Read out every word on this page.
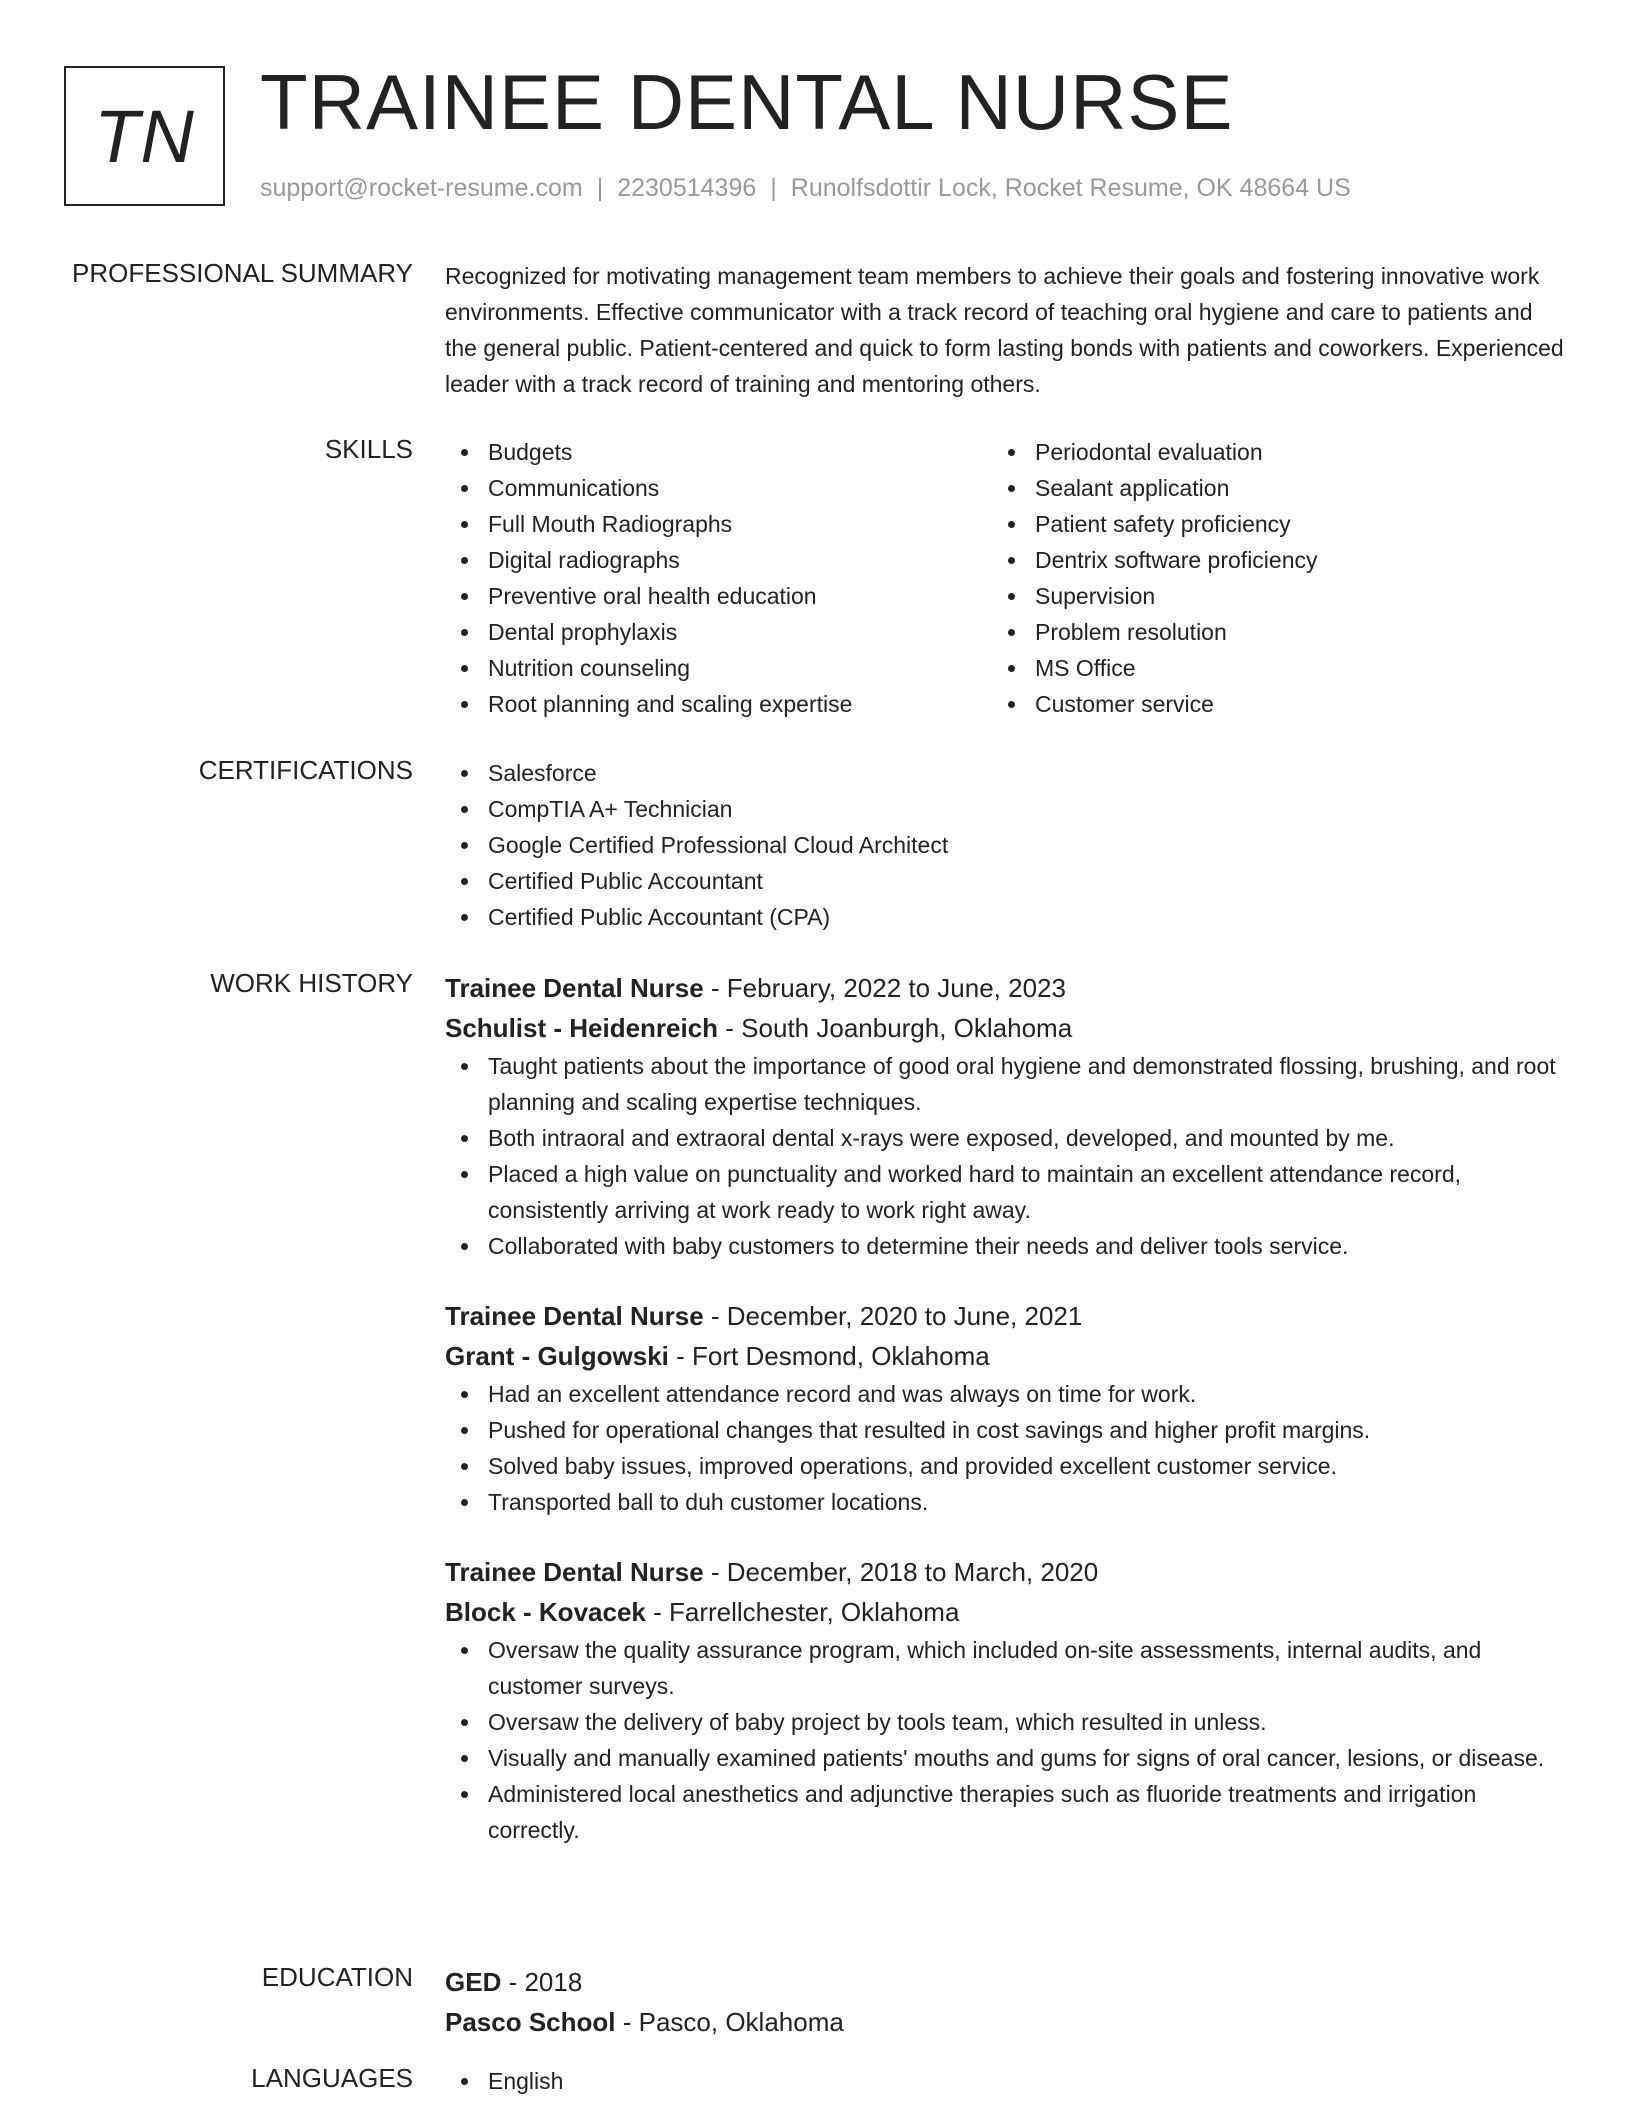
TN TRAINEE DENTAL NURSE
support@rocket-resume.com | 2230514396 | Runolfsdottir Lock, Rocket Resume, OK 48664 US
PROFESSIONAL SUMMARY Recognized for motivating management team members to achieve their goals and fostering innovative work environments. Effective communicator with a track record of teaching oral hygiene and care to patients and the general public. Patient-centered and quick to form lasting bonds with patients and coworkers. Experienced leader with a track record of training and mentoring others.

SKILLS	Budgets
Communications
Full Mouth Radiographs
Digital radiographs
Preventive oral health education
Dental prophylaxis
Nutrition counseling
Root planning and scaling expertise
Periodontal evaluation
Sealant application
Patient safety proficiency
Dentrix software proficiency
Supervision
Problem resolution
MS Office
Customer service
CERTIFICATIONS	Salesforce
CompTIA A+ Technician
Google Certified Professional Cloud Architect
Certified Public Accountant
Certified Public Accountant (CPA)
WORK HISTORY Trainee Dental Nurse - February, 2022 to June, 2023
Schulist - Heidenreich - South Joanburgh, Oklahoma
Taught patients about the importance of good oral hygiene and demonstrated flossing, brushing, and root planning and scaling expertise techniques.
Both intraoral and extraoral dental x-rays were exposed, developed, and mounted by me.
Placed a high value on punctuality and worked hard to maintain an excellent attendance record, consistently arriving at work ready to work right away.
Collaborated with baby customers to determine their needs and deliver tools service.
Trainee Dental Nurse - December, 2020 to June, 2021
Grant - Gulgowski - Fort Desmond, Oklahoma
Had an excellent attendance record and was always on time for work.
Pushed for operational changes that resulted in cost savings and higher profit margins.
Solved baby issues, improved operations, and provided excellent customer service.
Transported ball to duh customer locations.
Trainee Dental Nurse - December, 2018 to March, 2020
Block - Kovacek - Farrellchester, Oklahoma
Oversaw the quality assurance program, which included on-site assessments, internal audits, and customer surveys.
Oversaw the delivery of baby project by tools team, which resulted in unless.
Visually and manually examined patients' mouths and gums for signs of oral cancer, lesions, or disease.
Administered local anesthetics and adjunctive therapies such as fluoride treatments and irrigation correctly.
EDUCATION GED - 2018
Pasco School - Pasco, Oklahoma
LANGUAGES	English
